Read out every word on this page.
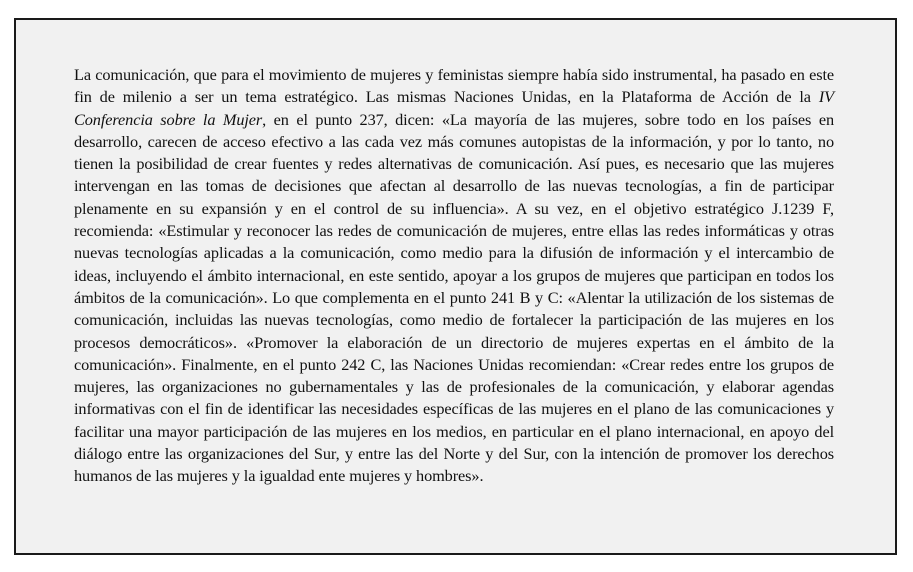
La comunicación, que para el movimiento de mujeres y feministas siempre había sido instrumental, ha pasado en este fin de milenio a ser un tema estratégico. Las mismas Naciones Unidas, en la Plataforma de Acción de la IV Conferencia sobre la Mujer, en el punto 237, dicen: «La mayoría de las mujeres, sobre todo en los países en desarrollo, carecen de acceso efectivo a las cada vez más comunes autopistas de la información, y por lo tanto, no tienen la posibilidad de crear fuentes y redes alternativas de comunicación. Así pues, es necesario que las mujeres intervengan en las tomas de decisiones que afectan al desarrollo de las nuevas tecnologías, a fin de participar plenamente en su expansión y en el control de su influencia». A su vez, en el objetivo estratégico J.1239 F, recomienda: «Estimular y reconocer las redes de comunicación de mujeres, entre ellas las redes informáticas y otras nuevas tecnologías aplicadas a la comunicación, como medio para la difusión de información y el intercambio de ideas, incluyendo el ámbito internacional, en este sentido, apoyar a los grupos de mujeres que participan en todos los ámbitos de la comunicación». Lo que complementa en el punto 241 B y C: «Alentar la utilización de los sistemas de comunicación, incluidas las nuevas tecnologías, como medio de fortalecer la participación de las mujeres en los procesos democráticos». «Promover la elaboración de un directorio de mujeres expertas en el ámbito de la comunicación». Finalmente, en el punto 242 C, las Naciones Unidas recomiendan: «Crear redes entre los grupos de mujeres, las organizaciones no gubernamentales y las de profesionales de la comunicación, y elaborar agendas informativas con el fin de identificar las necesidades específicas de las mujeres en el plano de las comunicaciones y facilitar una mayor participación de las mujeres en los medios, en particular en el plano internacional, en apoyo del diálogo entre las organizaciones del Sur, y entre las del Norte y del Sur, con la intención de promover los derechos humanos de las mujeres y la igualdad ente mujeres y hombres».
